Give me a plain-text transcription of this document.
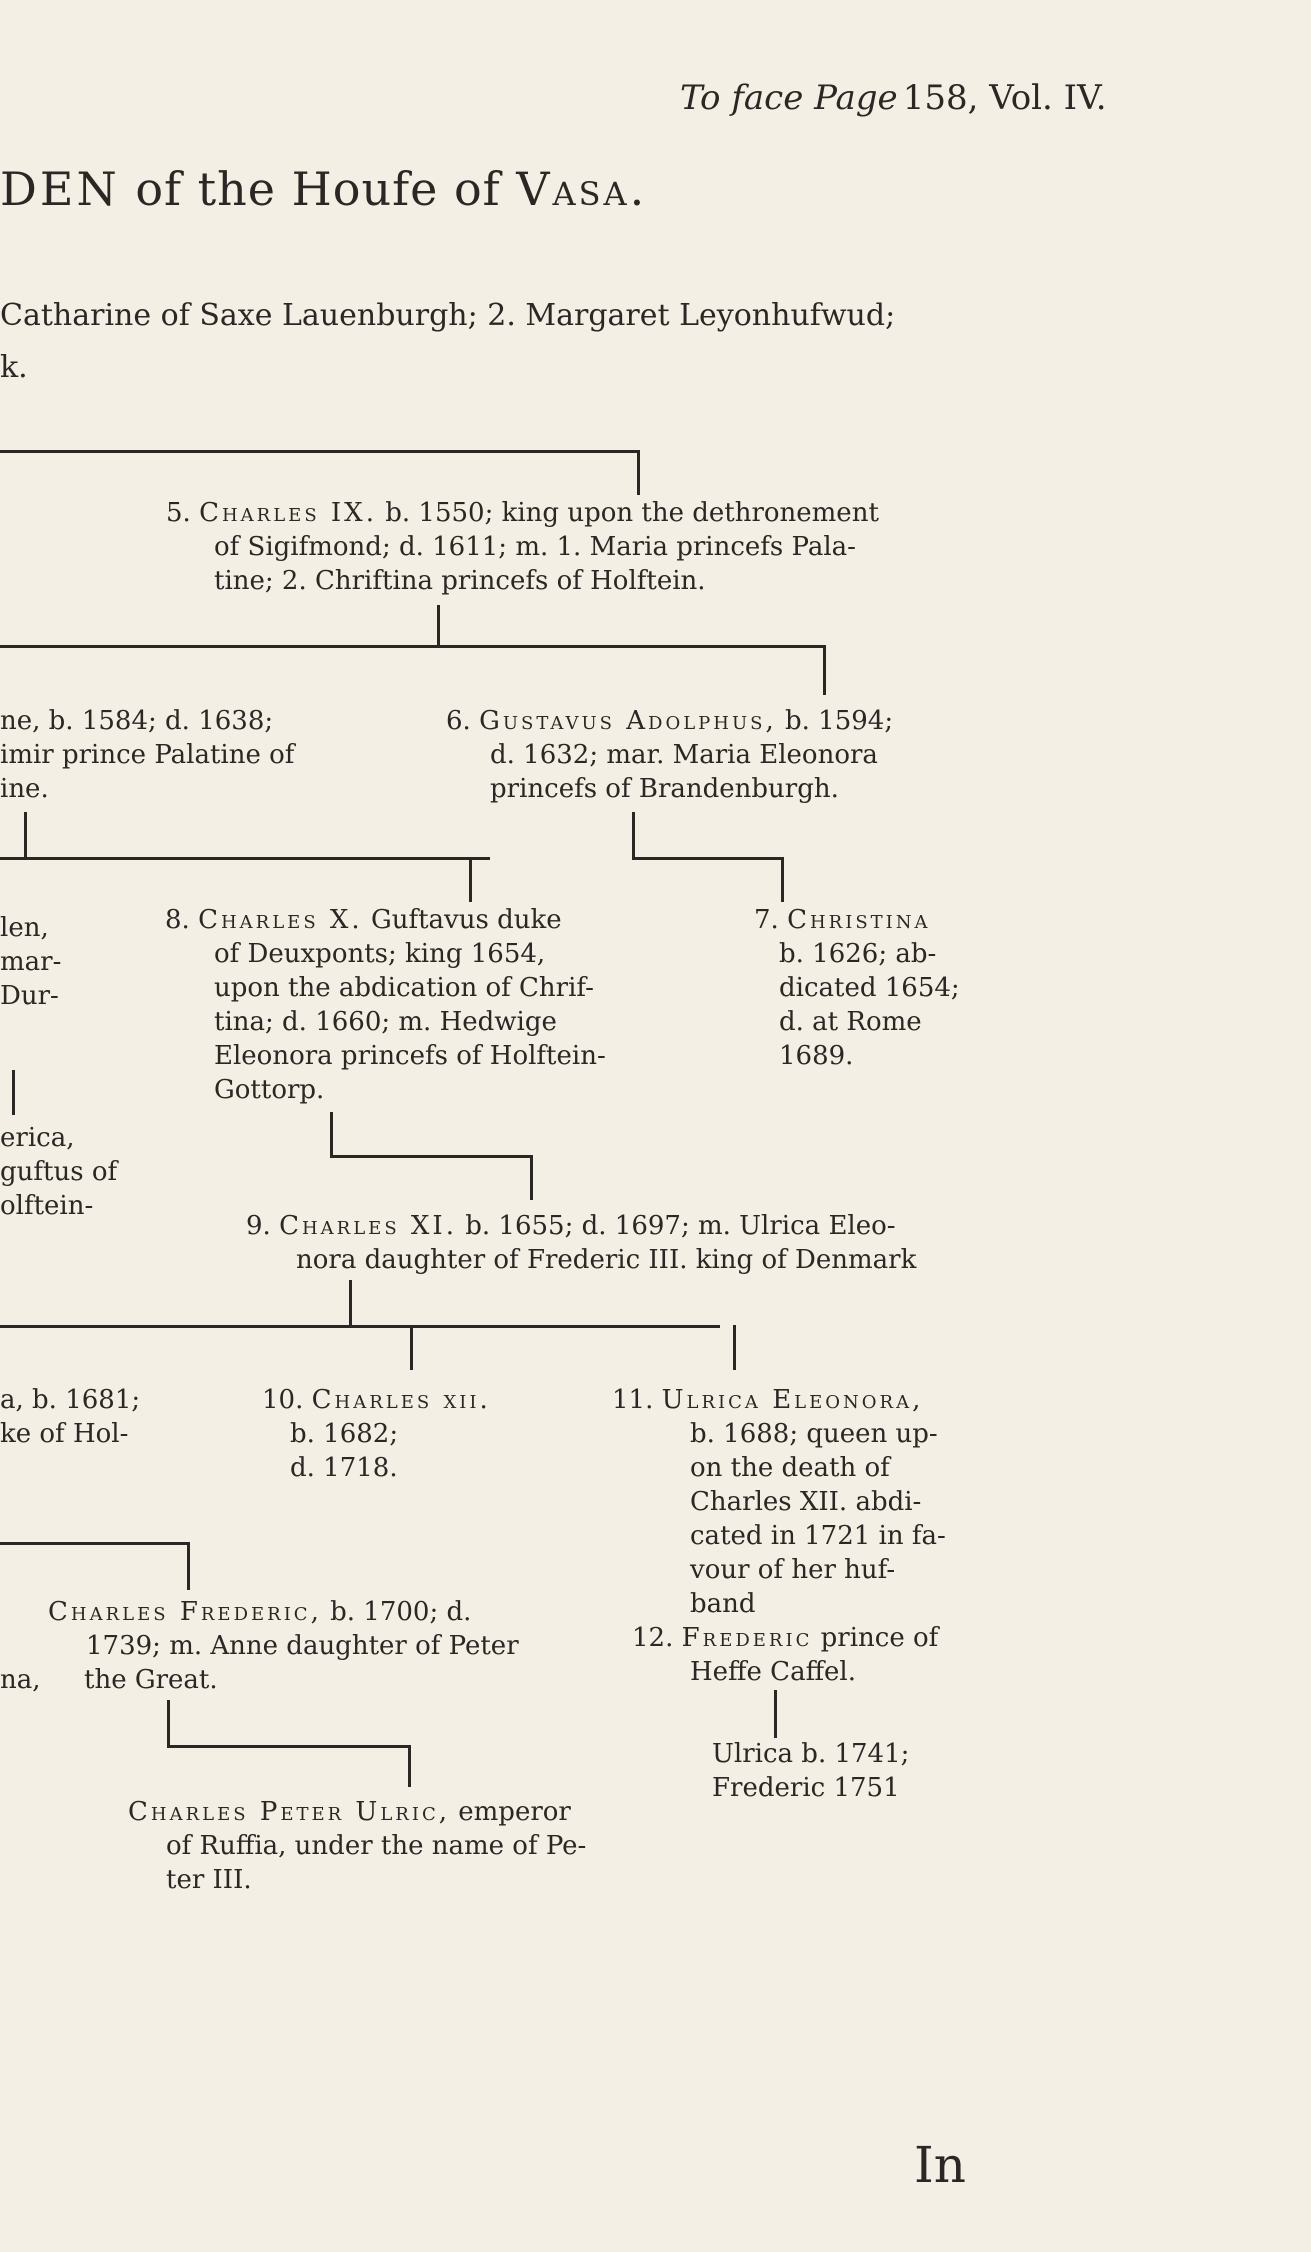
To face Page 158, Vol. IV.
DEN of the Houfe of Vasa.
Catharine of Saxe Lauenburgh; 2. Margaret Leyonhufwud;
k.
5. Charles IX. b. 1550; king upon the dethronement
of Sigifmond; d. 1611; m. 1. Maria princefs Pala-
tine; 2. Chriftina princefs of Holftein.
ne, b. 1584; d. 1638;
imir prince Palatine of
ine.
6. Gustavus Adolphus, b. 1594;
d. 1632; mar. Maria Eleonora
princefs of Brandenburgh.
len,
mar-
Dur-
8. Charles X. Guftavus duke
of Deuxponts; king 1654,
upon the abdication of Chrif-
tina; d. 1660; m. Hedwige
Eleonora princefs of Holftein-
Gottorp.
7. Christina
b. 1626; ab-
dicated 1654;
d. at Rome
1689.
erica,
guftus of
olftein-
9. Charles XI. b. 1655; d. 1697; m. Ulrica Eleo-
nora daughter of Frederic III. king of Denmark
a, b. 1681;
ke of Hol-
10. Charles xii.
b. 1682;
d. 1718.
11. Ulrica Eleonora,
b. 1688; queen up-
on the death of
Charles XII. abdi-
cated in 1721 in fa-
vour of her huf-
band
Charles Frederic, b. 1700; d.
1739; m. Anne daughter of Peter
na, the Great.
12. Frederic prince of
Heffe Caffel.
Ulrica b. 1741;
Frederic 1751
Charles Peter Ulric, emperor
of Ruffia, under the name of Pe-
ter III.
In
